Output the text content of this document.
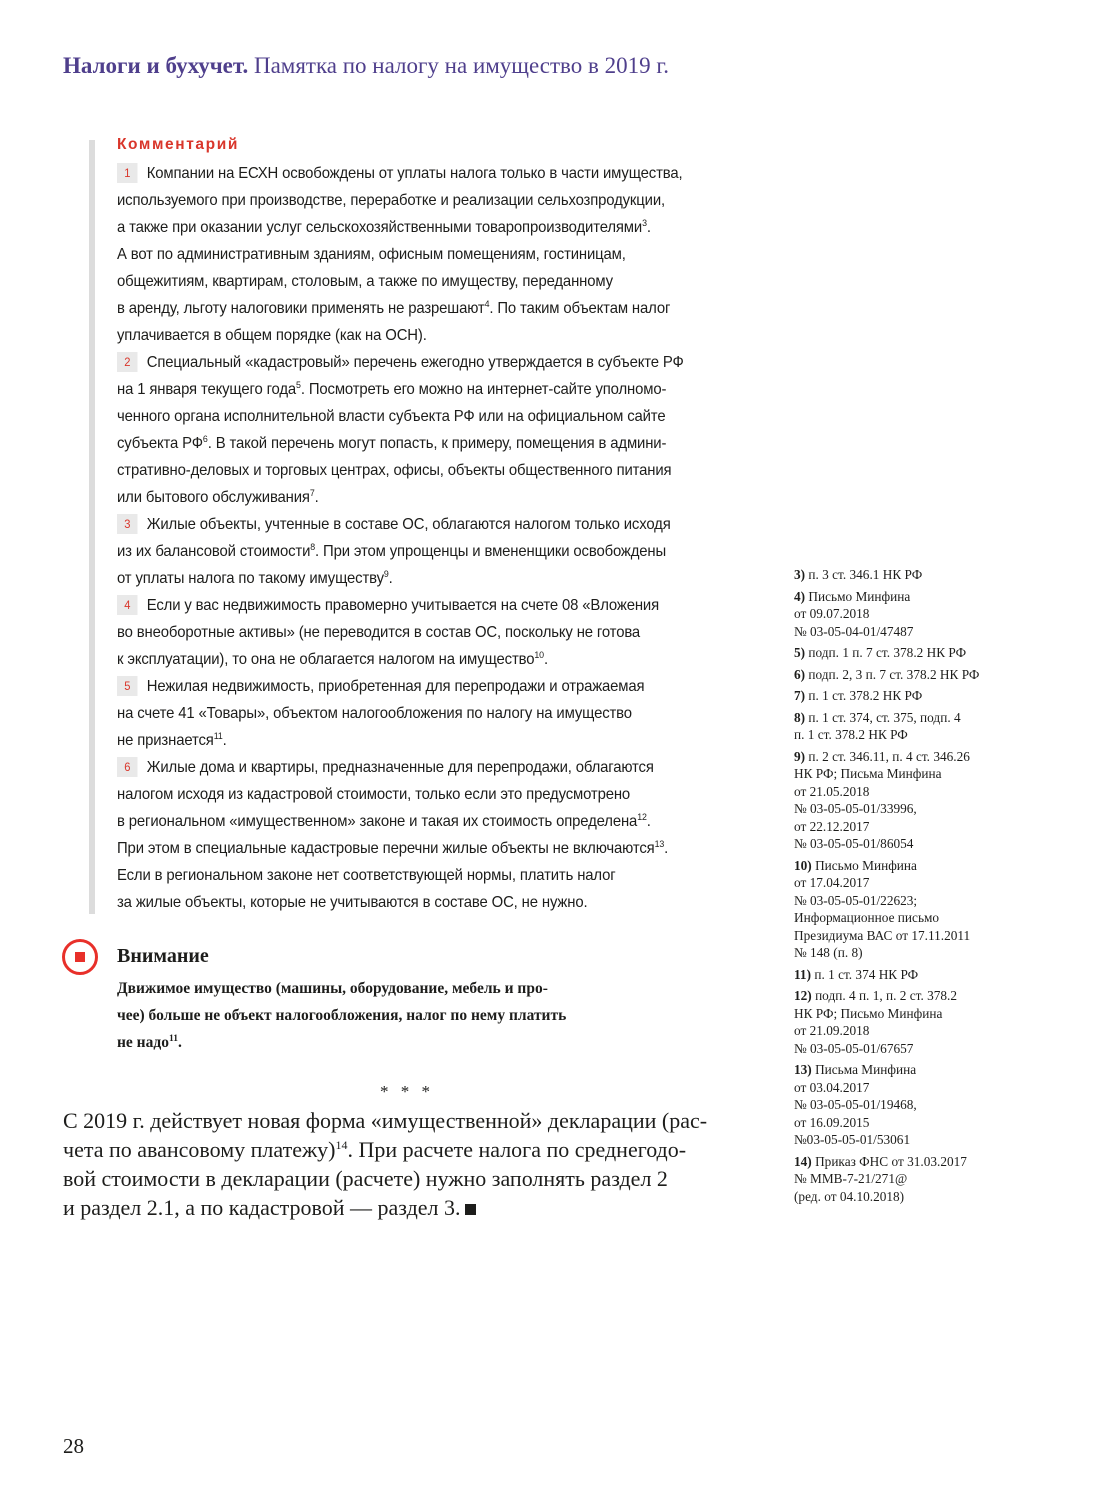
Налоги и бухучет. Памятка по налогу на имущество в 2019 г.
Комментарий
1 Компании на ЕСХН освобождены от уплаты налога только в части имущества,
используемого при производстве, переработке и реализации сельхозпродукции,
а также при оказании услуг сельскохозяйственными товаропроизводителями$^3$.
А вот по административным зданиям, офисным помещениям, гостиницам,
общежитиям, квартирам, столовым, а также по имуществу, переданному
в аренду, льготу налоговики применять не разрешают$^4$. По таким объектам налог
уплачивается в общем порядке (как на ОСН).
2 Специальный «кадастровый» перечень ежегодно утверждается в субъекте РФ
на 1 января текущего года$^5$. Посмотреть его можно на интернет-сайте уполномо-
ченного органа исполнительной власти субъекта РФ или на официальном сайте
субъекта $РФ^6$. В такой перечень могут попасть, к примеру, помещения в админи-
стративно-деловых и торговых центрах, офисы, объекты общественного питания
или бытового обслуживания$^7$.
3 Жилые объекты, учтенные в составе ОС, облагаются налогом только исходя
из их балансовой стоимости$^8$. При этом упрощенцы и вмененщики освобождены
от уплаты налога по такому имуществу$^9$.
4 Если у вас недвижимость правомерно учитывается на счете 08 «Вложения
во внеоборотные активы» (не переводится в состав ОС, поскольку не готова
к эксплуатации), то она не облагается налогом на имущество$^{10}$.
5 Нежилая недвижимость, приобретенная для перепродажи и отражаемая
на счете 41 «Товары», объектом налогообложения по налогу на имущество
не признается$^{11}$.
6 Жилые дома и квартиры, предназначенные для перепродажи, облагаются
налогом исходя из кадастровой стоимости, только если это предусмотрено
в региональном «имущественном» законе и такая их стоимость определена$^{12}$.
При этом в специальные кадастровые перечни жилые объекты не включаются$^{13}$.
Если в региональном законе нет соответствующей нормы, платить налог
за жилые объекты, которые не учитываются в составе ОС, не нужно.
Внимание
Движимое имущество (машины, оборудование, мебель и про-
чее) больше не объект налогообложения, налог по нему платить
не надо$^{11}$.
* * *
С 2019 г. действует новая форма «имущественной» декларации (рас-
чета по авансовому платежу)$^{14}$. При расчете налога по среднегодо-
вой стоимости в декларации (расчете) нужно заполнять раздел 2
и раздел 2.1, а по кадастровой — раздел 3.
3) п. 3 ст. 346.1 НК РФ
4) Письмо Минфина
от 09.07.2018
№ 03-05-04-01/47487
5) подп. 1 п. 7 ст. 378.2 НК РФ
6) подп. 2, 3 п. 7 ст. 378.2 НК РФ
7) п. 1 ст. 378.2 НК РФ
8) п. 1 ст. 374, ст. 375, подп. 4
п. 1 ст. 378.2 НК РФ
9) п. 2 ст. 346.11, п. 4 ст. 346.26
НК РФ; Письма Минфина
от 21.05.2018
№ 03-05-05-01/33996,
от 22.12.2017
№ 03-05-05-01/86054
10) Письмо Минфина
от 17.04.2017
№ 03-05-05-01/22623;
Информационное письмо
Президиума ВАС от 17.11.2011
№ 148 (п. 8)
11) п. 1 ст. 374 НК РФ
12) подп. 4 п. 1, п. 2 ст. 378.2
НК РФ; Письмо Минфина
от 21.09.2018
№ 03-05-05-01/67657
13) Письма Минфина
от 03.04.2017
№ 03-05-05-01/19468,
от 16.09.2015
№03-05-05-01/53061
14) Приказ ФНС от 31.03.2017
№ ММВ-7-21/271@
(ред. от 04.10.2018)
28
